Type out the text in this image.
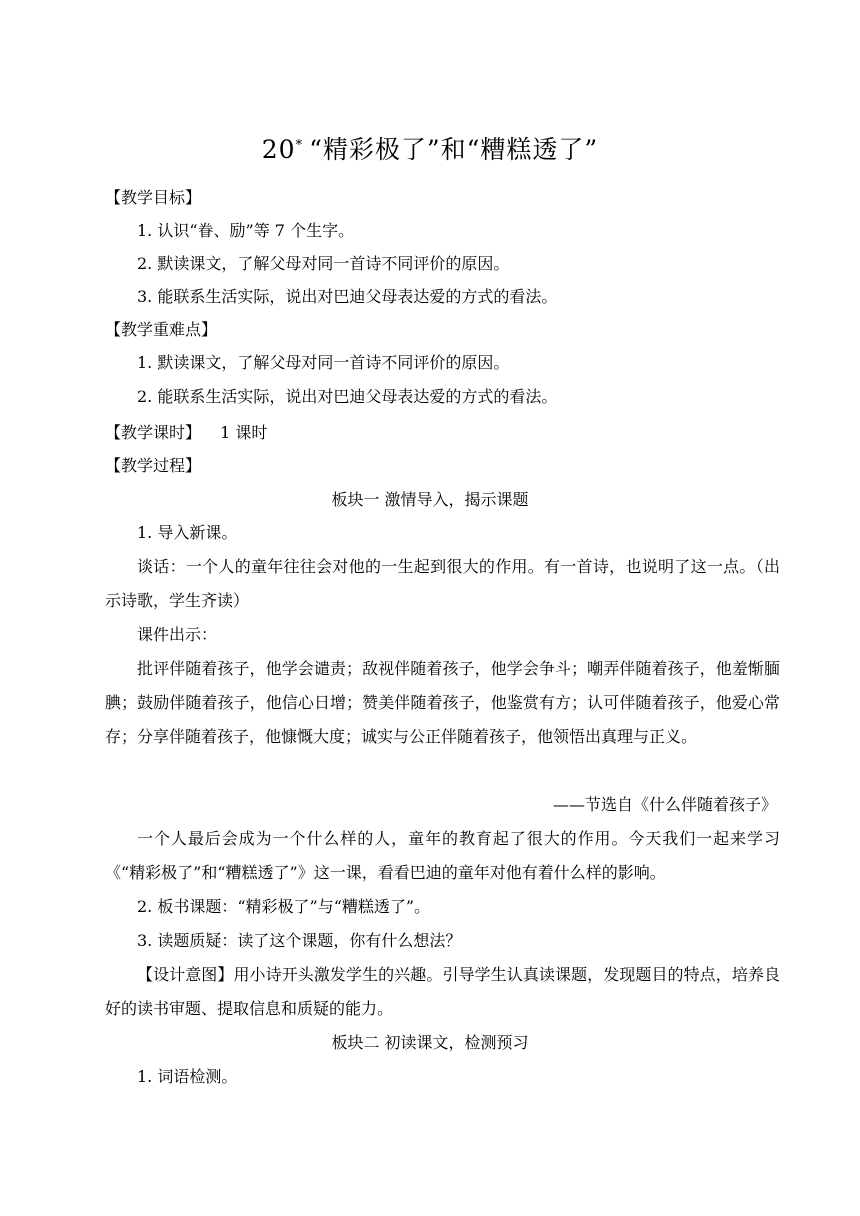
20* “精彩极了”和“糟糕透了”
【教学目标】
1. 认识“眷、励”等 7 个生字。
2. 默读课文，了解父母对同一首诗不同评价的原因。
3. 能联系生活实际，说出对巴迪父母表达爱的方式的看法。
【教学重难点】
1. 默读课文，了解父母对同一首诗不同评价的原因。
2. 能联系生活实际，说出对巴迪父母表达爱的方式的看法。
【教学课时】 1 课时
【教学过程】
板块一 激情导入，揭示课题
1. 导入新课。
谈话：一个人的童年往往会对他的一生起到很大的作用。有一首诗，也说明了这一点。（出示诗歌，学生齐读）
课件出示：
批评伴随着孩子，他学会谴责；敌视伴随着孩子，他学会争斗；嘲弄伴随着孩子，他羞惭腼腆；鼓励伴随着孩子，他信心日增；赞美伴随着孩子，他鉴赏有方；认可伴随着孩子，他爱心常存；分享伴随着孩子，他慷慨大度；诚实与公正伴随着孩子，他领悟出真理与正义。
——节选自《什么伴随着孩子》
一个人最后会成为一个什么样的人，童年的教育起了很大的作用。今天我们一起来学习《“精彩极了”和“糟糕透了”》这一课，看看巴迪的童年对他有着什么样的影响。
2. 板书课题：“精彩极了”与“糟糕透了”。
3. 读题质疑：读了这个课题，你有什么想法？
【设计意图】用小诗开头激发学生的兴趣。引导学生认真读课题，发现题目的特点，培养良好的读书审题、提取信息和质疑的能力。
板块二 初读课文，检测预习
1. 词语检测。
